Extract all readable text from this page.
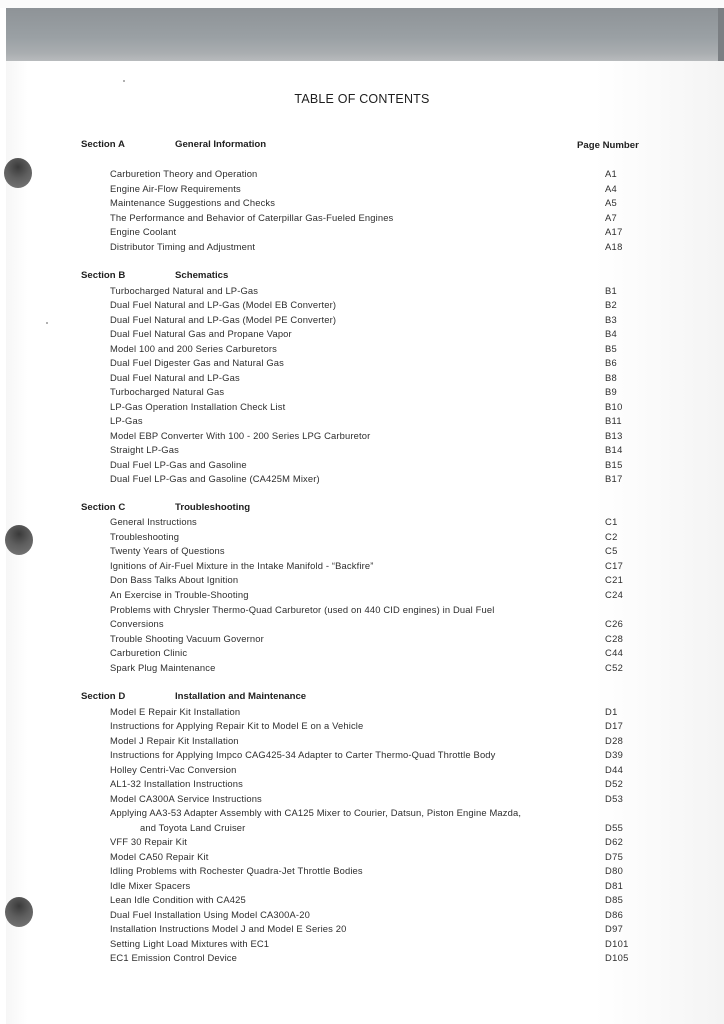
TABLE OF CONTENTS
Section A	General Information	Page Number
Carburetion Theory and Operation	A1
Engine Air-Flow Requirements	A4
Maintenance Suggestions and Checks	A5
The Performance and Behavior of Caterpillar Gas-Fueled Engines	A7
Engine Coolant	A17
Distributor Timing and Adjustment	A18
Section B	Schematics
Turbocharged Natural and LP-Gas	B1
Dual Fuel Natural and LP-Gas (Model EB Converter)	B2
Dual Fuel Natural and LP-Gas (Model PE Converter)	B3
Dual Fuel Natural Gas and Propane Vapor	B4
Model 100 and 200 Series Carburetors	B5
Dual Fuel Digester Gas and Natural Gas	B6
Dual Fuel Natural and LP-Gas	B8
Turbocharged Natural Gas	B9
LP-Gas Operation Installation Check List	B10
LP-Gas	B11
Model EBP Converter With 100 - 200 Series LPG Carburetor	B13
Straight LP-Gas	B14
Dual Fuel LP-Gas and Gasoline	B15
Dual Fuel LP-Gas and Gasoline (CA425M Mixer)	B17
Section C	Troubleshooting
General Instructions	C1
Troubleshooting	C2
Twenty Years of Questions	C5
Ignitions of Air-Fuel Mixture in the Intake Manifold - “Backfire”	C17
Don Bass Talks About Ignition	C21
An Exercise in Trouble-Shooting	C24
Problems with Chrysler Thermo-Quad Carburetor (used on 440 CID engines) in Dual Fuel
Conversions	C26
Trouble Shooting Vacuum Governor	C28
Carburetion Clinic	C44
Spark Plug Maintenance	C52
Section D	Installation and Maintenance
Model E Repair Kit Installation	D1
Instructions for Applying Repair Kit to Model E on a Vehicle	D17
Model J Repair Kit Installation	D28
Instructions for Applying Impco CAG425-34 Adapter to Carter Thermo-Quad Throttle Body	D39
Holley Centri-Vac Conversion	D44
AL1-32 Installation Instructions	D52
Model CA300A Service Instructions	D53
Applying AA3-53 Adapter Assembly with CA125 Mixer to Courier, Datsun, Piston Engine Mazda,
and Toyota Land Cruiser	D55
VFF 30 Repair Kit	D62
Model CA50 Repair Kit	D75
Idling Problems with Rochester Quadra-Jet Throttle Bodies	D80
Idle Mixer Spacers	D81
Lean Idle Condition with CA425	D85
Dual Fuel Installation Using Model CA300A-20	D86
Installation Instructions Model J and Model E Series 20	D97
Setting Light Load Mixtures with EC1	D101
EC1 Emission Control Device	D105
